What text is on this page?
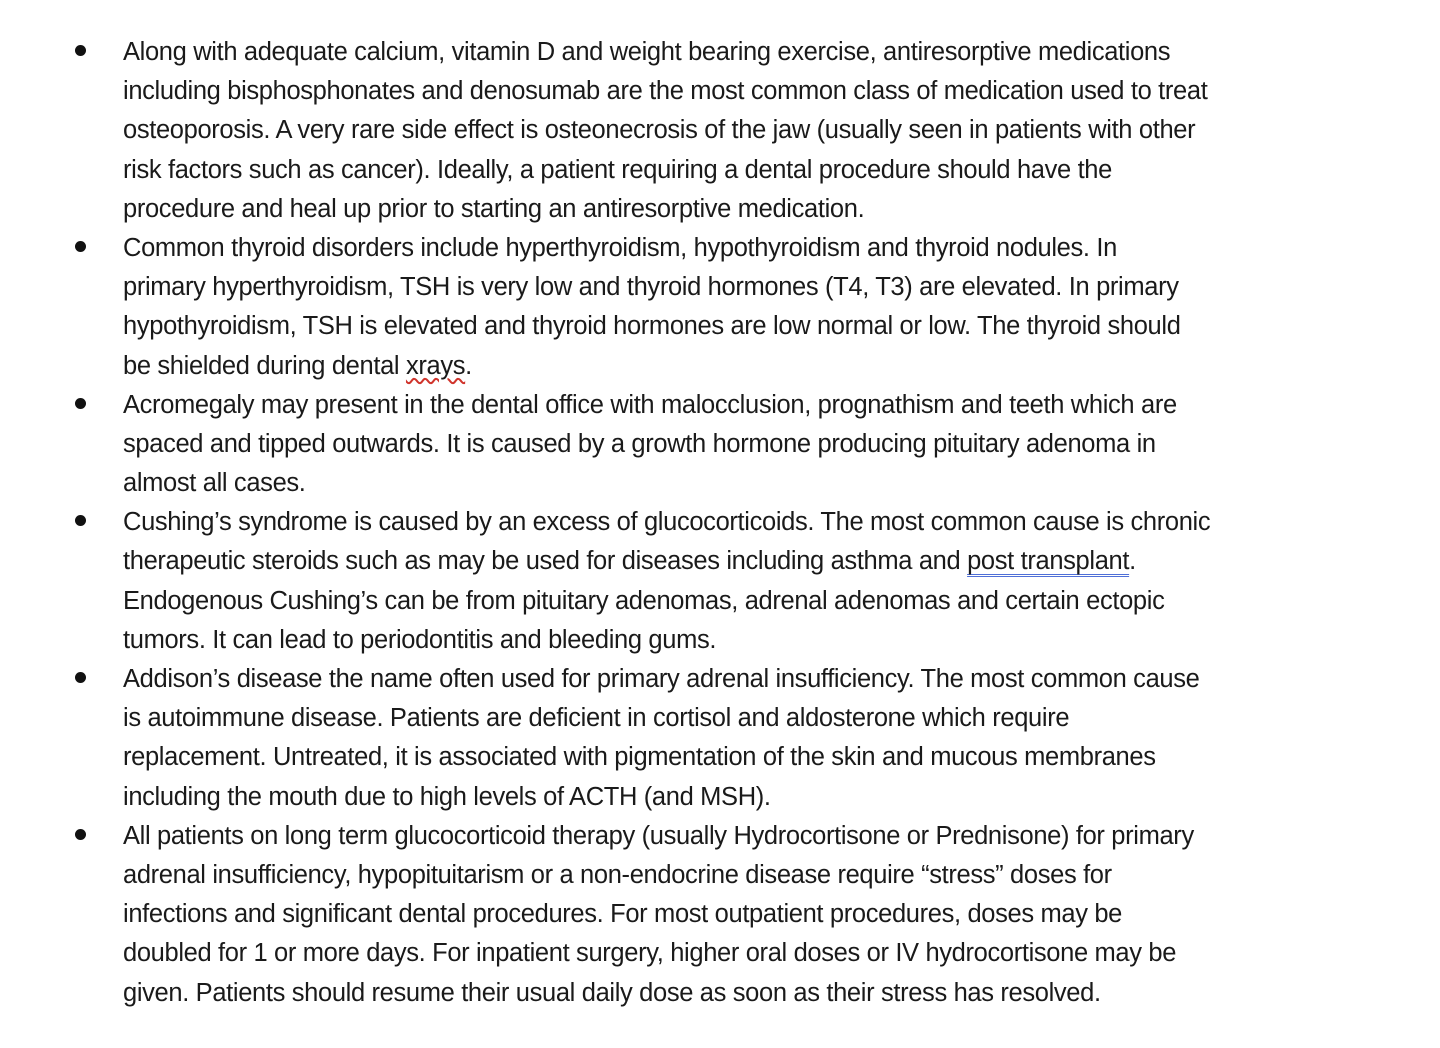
Along with adequate calcium, vitamin D and weight bearing exercise, antiresorptive medications
including bisphosphonates and denosumab are the most common class of medication used to treat
osteoporosis. A very rare side effect is osteonecrosis of the jaw (usually seen in patients with other
risk factors such as cancer). Ideally, a patient requiring a dental procedure should have the
procedure and heal up prior to starting an antiresorptive medication.
Common thyroid disorders include hyperthyroidism, hypothyroidism and thyroid nodules. In
primary hyperthyroidism, TSH is very low and thyroid hormones (T4, T3) are elevated. In primary
hypothyroidism, TSH is elevated and thyroid hormones are low normal or low. The thyroid should
be shielded during dental xrays.
Acromegaly may present in the dental office with malocclusion, prognathism and teeth which are
spaced and tipped outwards. It is caused by a growth hormone producing pituitary adenoma in
almost all cases.
Cushing’s syndrome is caused by an excess of glucocorticoids. The most common cause is chronic
therapeutic steroids such as may be used for diseases including asthma and post transplant.
Endogenous Cushing’s can be from pituitary adenomas, adrenal adenomas and certain ectopic
tumors. It can lead to periodontitis and bleeding gums.
Addison’s disease the name often used for primary adrenal insufficiency. The most common cause
is autoimmune disease. Patients are deficient in cortisol and aldosterone which require
replacement. Untreated, it is associated with pigmentation of the skin and mucous membranes
including the mouth due to high levels of ACTH (and MSH).
All patients on long term glucocorticoid therapy (usually Hydrocortisone or Prednisone) for primary
adrenal insufficiency, hypopituitarism or a non-endocrine disease require “stress” doses for
infections and significant dental procedures. For most outpatient procedures, doses may be
doubled for 1 or more days. For inpatient surgery, higher oral doses or IV hydrocortisone may be
given. Patients should resume their usual daily dose as soon as their stress has resolved.
